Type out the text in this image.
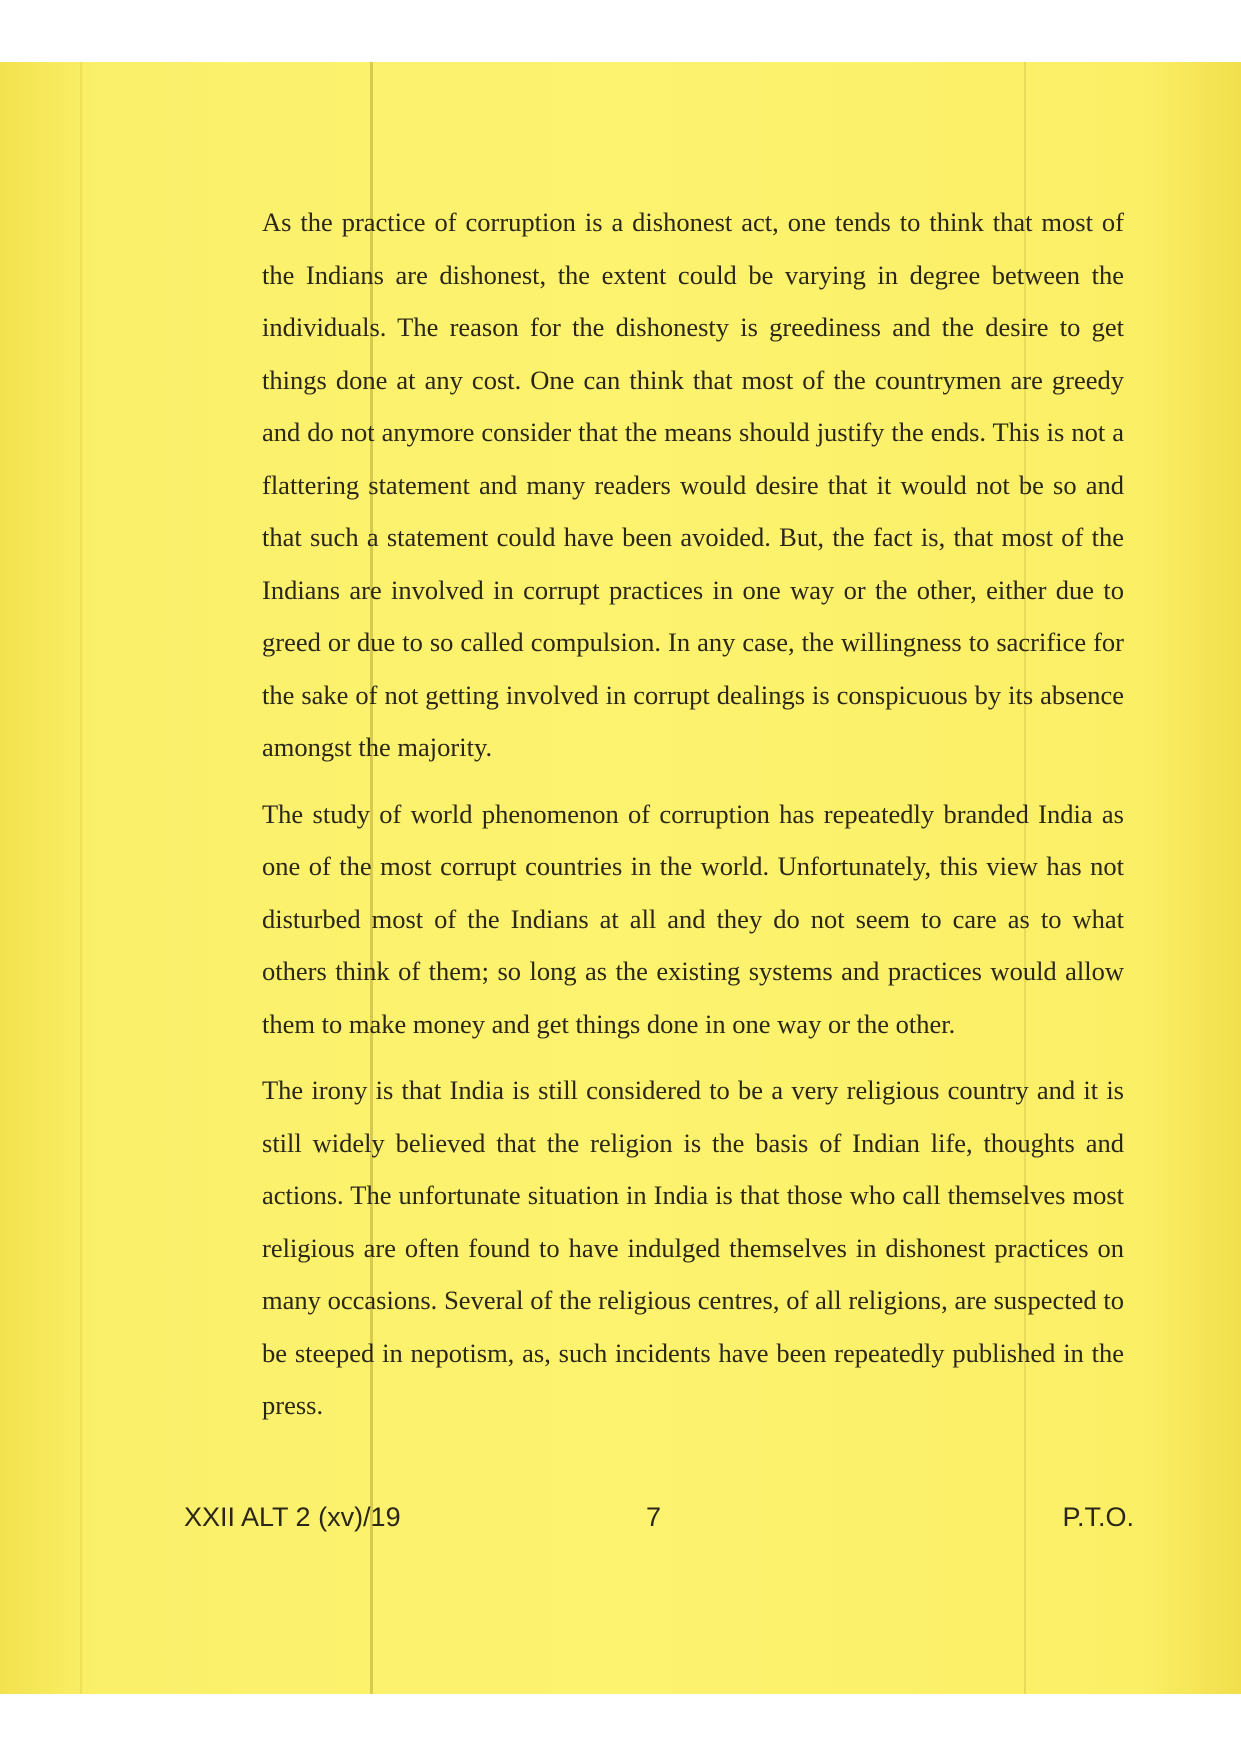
As the practice of corruption is a dishonest act, one tends to think that most of the Indians are dishonest, the extent could be varying in degree between the individuals. The reason for the dishonesty is greediness and the desire to get things done at any cost. One can think that most of the countrymen are greedy and do not anymore consider that the means should justify the ends. This is not a flattering statement and many readers would desire that it would not be so and that such a statement could have been avoided. But, the fact is, that most of the Indians are involved in corrupt practices in one way or the other, either due to greed or due to so called compulsion. In any case, the willingness to sacrifice for the sake of not getting involved in corrupt dealings is conspicuous by its absence amongst the majority.

The study of world phenomenon of corruption has repeatedly branded India as one of the most corrupt countries in the world. Unfortunately, this view has not disturbed most of the Indians at all and they do not seem to care as to what others think of them; so long as the existing systems and practices would allow them to make money and get things done in one way or the other.

The irony is that India is still considered to be a very religious country and it is still widely believed that the religion is the basis of Indian life, thoughts and actions. The unfortunate situation in India is that those who call themselves most religious are often found to have indulged themselves in dishonest practices on many occasions. Several of the religious centres, of all religions, are suspected to be steeped in nepotism, as, such incidents have been repeatedly published in the press.

XXII ALT 2 (xv)/19	7	P.T.O.
